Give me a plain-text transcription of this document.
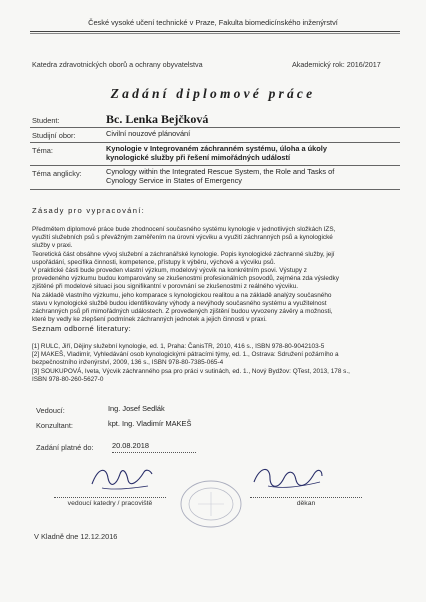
České vysoké učení technické v Praze, Fakulta biomedicínského inženýrství
Katedra zdravotnických oborů a ochrany obyvatelstva	Akademický rok: 2016/2017
Zadání diplomové práce
Student:	Bc. Lenka Bejčková
Studijní obor:	Civilní nouzové plánování
Téma:	Kynologie v Integrovaném záchranném systému, úloha a úkoly
kynologické služby při řešení mimořádných událostí
Téma anglicky:	Cynology within the Integrated Rescue System, the Role and Tasks of
Cynology Service in States of Emergency
Zásady pro vypracování:

Předmětem diplomové práce bude zhodnocení současného systému kynologie v jednotlivých složkách IZS,

využití služebních psů s převážným zaměřením na úrovni výcviku a využití záchranných psů a kynologické

služby v praxi.

Teoretická část obsáhne vývoj služební a záchranářské kynologie. Popis kynologické záchranné služby, její

uspořádání, specifika činnosti, kompetence, přístupy k výběru, výchově a výcviku psů.

V praktické části bude proveden vlastní výzkum, modelový výcvik na konkrétním psovi. Výstupy z

provedeného výzkumu budou komparovány se zkušenostmi profesionálních psovodů, zejména zda výsledky

zjištěné při modelové situaci jsou signifikantní v porovnání se zkušenostmi z reálného výcviku.

Na základě vlastního výzkumu, jeho komparace s kynologickou realitou a na základě analýzy současného

stavu v kynologické službě budou identifikovány výhody a nevýhody současného systému a využitelnost

záchranných psů při mimořádných událostech. Z provedených zjištění budou vyvozeny závěry a možnosti,

které by vedly ke zlepšení podmínek záchranných jednotek a jejich činnosti v praxi.

Seznam odborné literatury:

[1] RULC, Jiří, Dějiny služební kynologie, ed. 1, Praha: ČanisTR, 2010, 416 s., ISBN 978-80-9042103-5

[2] MAKEŠ, Vladimír, Vyhledávání osob kynologickými pátracími týmy, ed. 1., Ostrava: Sdružení požárního a

bezpečnostního inženýrství, 2009, 136 s., ISBN 978-80-7385-065-4

[3] SOUKUPOVÁ, Iveta, Výcvik záchranného psa pro práci v sutinách, ed. 1., Nový Bydžov: QTest, 2013, 178 s.,

ISBN 978-80-260-5627-0

Vedoucí:	Ing. Josef Sedlák
Konzultant:	kpt. Ing. Vladimír MAKEŠ
Zadání platné do: 20.08.2018
vedoucí katedry / pracoviště	děkan
V Kladně dne 12.12.2016
